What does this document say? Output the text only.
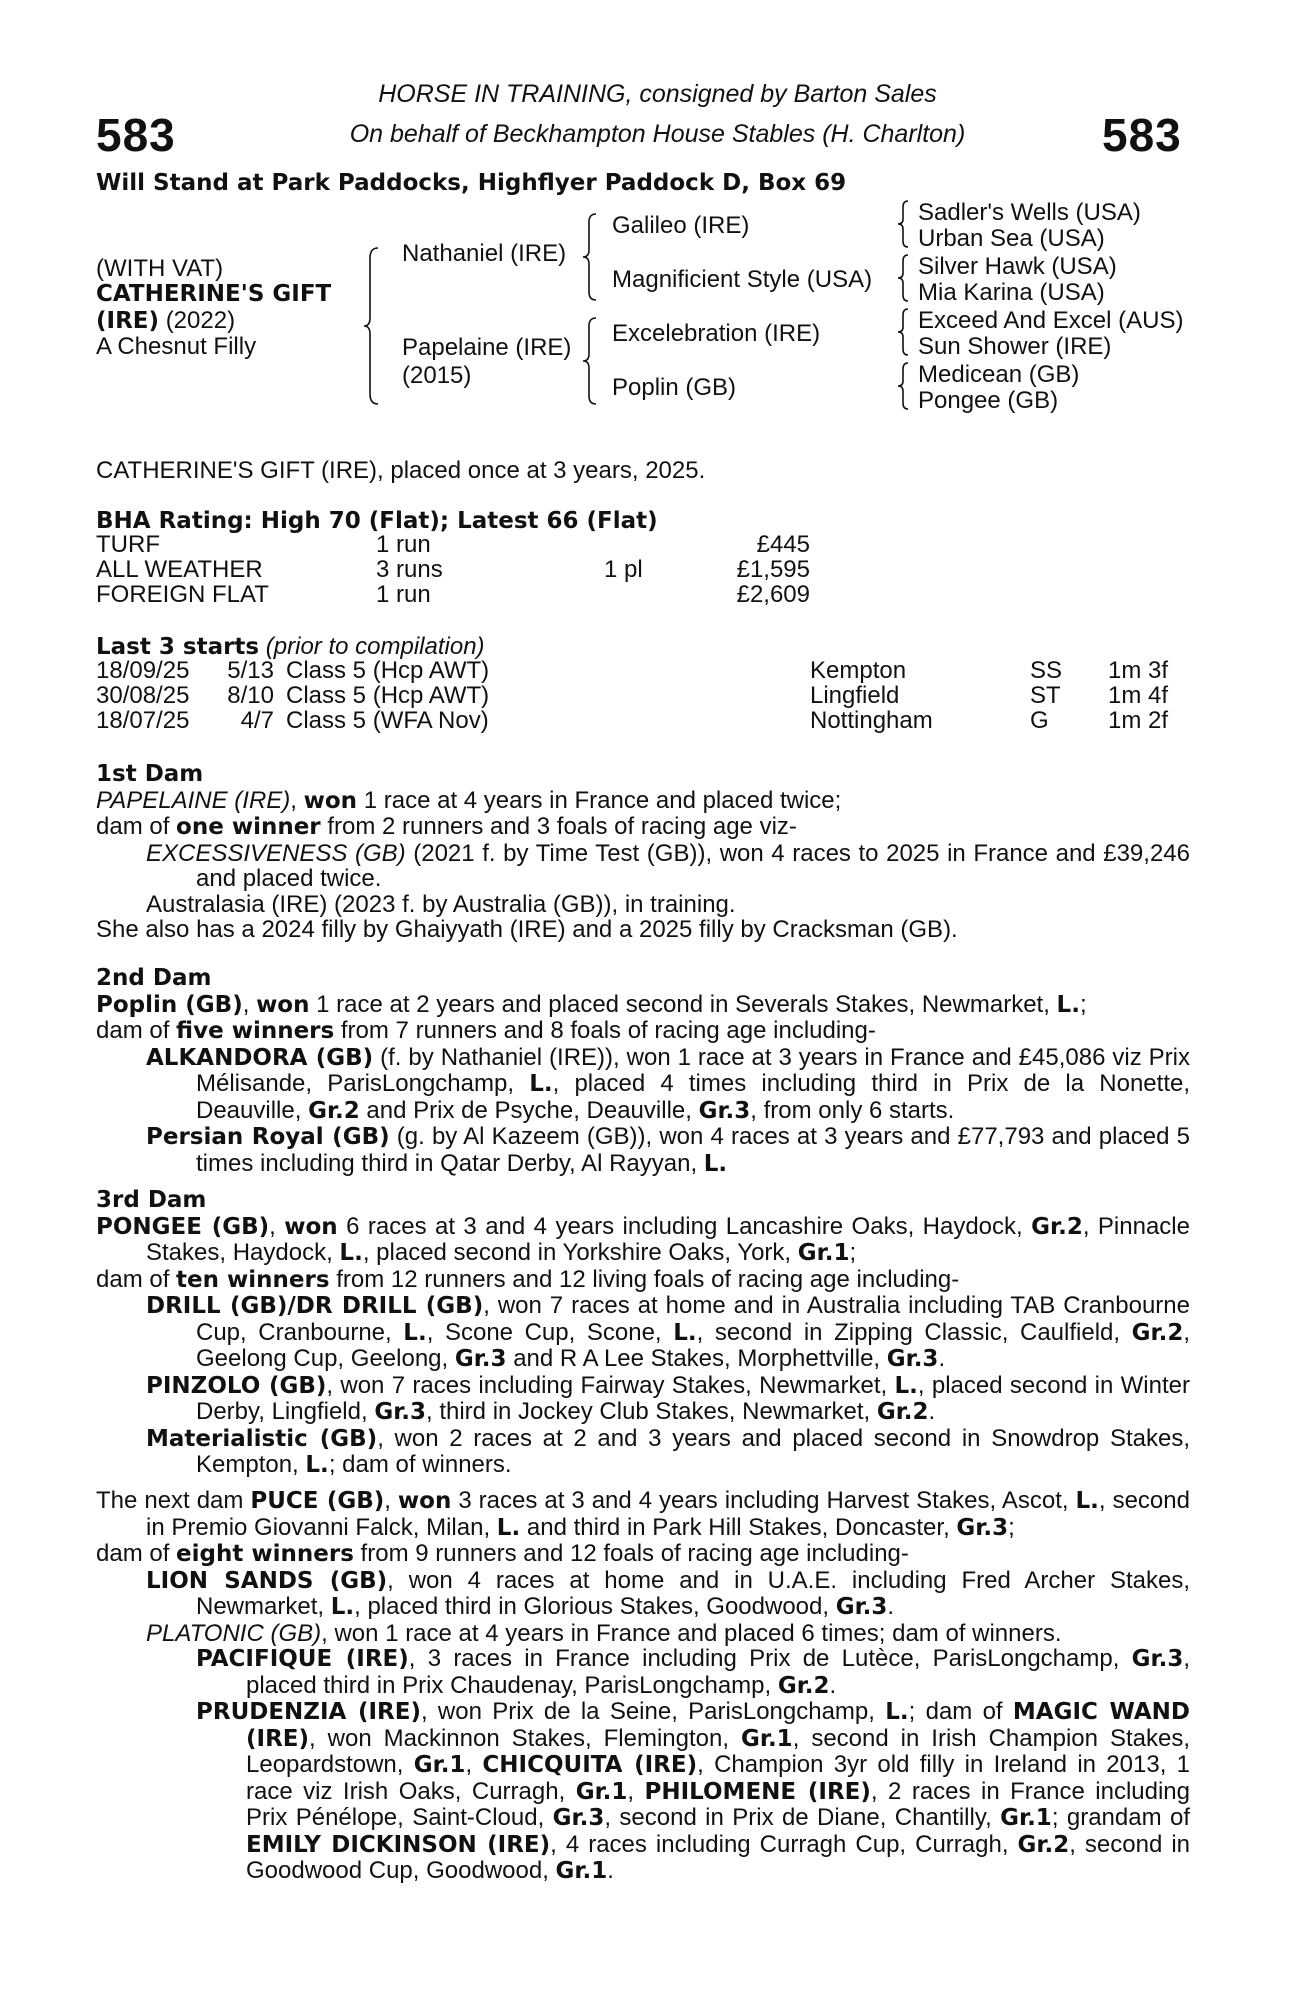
583	583
HORSE IN TRAINING, consigned by Barton Sales
On behalf of Beckhampton House Stables (H. Charlton)
Will Stand at Park Paddocks, Highflyer Paddock D, Box 69
(WITH VAT)
CATHERINE'S GIFT
(IRE) (2022)
A Chesnut Filly
Nathaniel (IRE)
Papelaine (IRE)
(2015)
Galileo (IRE)
Magnificient Style (USA)
Excelebration (IRE)
Poplin (GB)
Sadler's Wells (USA)
Urban Sea (USA)
Silver Hawk (USA)
Mia Karina (USA)
Exceed And Excel (AUS)
Sun Shower (IRE)
Medicean (GB)
Pongee (GB)
CATHERINE'S GIFT (IRE), placed once at 3 years, 2025.
BHA Rating: High 70 (Flat); Latest 66 (Flat)
TURF	1 run	£445
ALL WEATHER	3 runs	1 pl	£1,595
FOREIGN FLAT	1 run	£2,609
Last 3 starts (prior to compilation)
18/09/25	5/13 Class 5 (Hcp AWT)	Kempton	SS 1m 3f
30/08/25	8/10 Class 5 (Hcp AWT)	Lingfield	ST 1m 4f
18/07/25	4/7 Class 5 (WFA Nov)	Nottingham	G 1m 2f
1st Dam
PAPELAINE (IRE), won 1 race at 4 years in France and placed twice;
dam of one winner from 2 runners and 3 foals of racing age viz-
EXCESSIVENESS (GB) (2021 f. by Time Test (GB)), won 4 races to 2025 in France and £39,246 and placed twice.
Australasia (IRE) (2023 f. by Australia (GB)), in training.
She also has a 2024 filly by Ghaiyyath (IRE) and a 2025 filly by Cracksman (GB).
2nd Dam
Poplin (GB), won 1 race at 2 years and placed second in Severals Stakes, Newmarket, L.;
dam of five winners from 7 runners and 8 foals of racing age including-
ALKANDORA (GB) (f. by Nathaniel (IRE)), won 1 race at 3 years in France and £45,086 viz Prix Mélisande, ParisLongchamp, L., placed 4 times including third in Prix de la Nonette, Deauville, Gr.2 and Prix de Psyche, Deauville, Gr.3, from only 6 starts.
Persian Royal (GB) (g. by Al Kazeem (GB)), won 4 races at 3 years and £77,793 and placed 5 times including third in Qatar Derby, Al Rayyan, L.
3rd Dam
PONGEE (GB), won 6 races at 3 and 4 years including Lancashire Oaks, Haydock, Gr.2, Pinnacle Stakes, Haydock, L., placed second in Yorkshire Oaks, York, Gr.1;
dam of ten winners from 12 runners and 12 living foals of racing age including-
DRILL (GB)/DR DRILL (GB), won 7 races at home and in Australia including TAB Cranbourne Cup, Cranbourne, L., Scone Cup, Scone, L., second in Zipping Classic, Caulfield, Gr.2, Geelong Cup, Geelong, Gr.3 and R A Lee Stakes, Morphettville, Gr.3.
PINZOLO (GB), won 7 races including Fairway Stakes, Newmarket, L., placed second in Winter Derby, Lingfield, Gr.3, third in Jockey Club Stakes, Newmarket, Gr.2.
Materialistic (GB), won 2 races at 2 and 3 years and placed second in Snowdrop Stakes, Kempton, L.; dam of winners.
The next dam PUCE (GB), won 3 races at 3 and 4 years including Harvest Stakes, Ascot, L., second in Premio Giovanni Falck, Milan, L. and third in Park Hill Stakes, Doncaster, Gr.3;
dam of eight winners from 9 runners and 12 foals of racing age including-
LION SANDS (GB), won 4 races at home and in U.A.E. including Fred Archer Stakes, Newmarket, L., placed third in Glorious Stakes, Goodwood, Gr.3.
PLATONIC (GB), won 1 race at 4 years in France and placed 6 times; dam of winners.
PACIFIQUE (IRE), 3 races in France including Prix de Lutèce, ParisLongchamp, Gr.3, placed third in Prix Chaudenay, ParisLongchamp, Gr.2.
PRUDENZIA (IRE), won Prix de la Seine, ParisLongchamp, L.; dam of MAGIC WAND (IRE), won Mackinnon Stakes, Flemington, Gr.1, second in Irish Champion Stakes, Leopardstown, Gr.1, CHICQUITA (IRE), Champion 3yr old filly in Ireland in 2013, 1 race viz Irish Oaks, Curragh, Gr.1, PHILOMENE (IRE), 2 races in France including Prix Pénélope, Saint-Cloud, Gr.3, second in Prix de Diane, Chantilly, Gr.1; grandam of EMILY DICKINSON (IRE), 4 races including Curragh Cup, Curragh, Gr.2, second in Goodwood Cup, Goodwood, Gr.1.
